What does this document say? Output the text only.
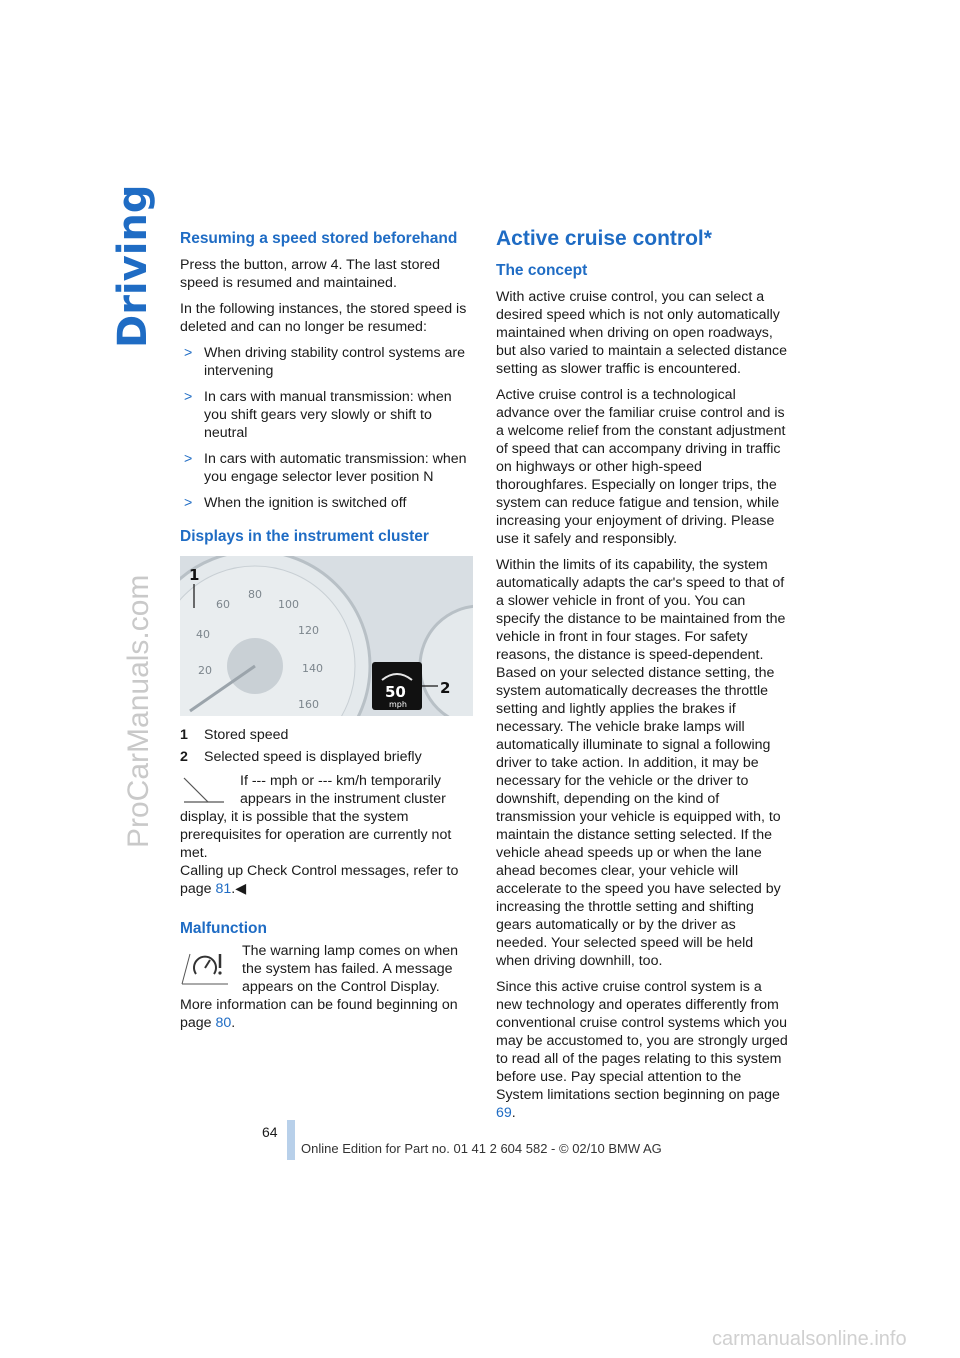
Driving
ProCarManuals.com
Resuming a speed stored beforehand

Press the button, arrow 4. The last stored speed is resumed and maintained.

In the following instances, the stored speed is deleted and can no longer be resumed:

> When driving stability control systems are intervening
> In cars with manual transmission: when you shift gears very slowly or shift to neutral
> In cars with automatic transmission: when you engage selector lever position N
> When the ignition is switched off
Displays in the instrument cluster
20
40
60
80
100
120
140
160
1
50
mph
2
1	Stored speed
2	Selected speed is displayed briefly
If --- mph or --- km/h temporarily appears in the instrument cluster display, it is possible that the system prerequisites for operation are currently not met.
Calling up Check Control messages, refer to page 81.◀
Malfunction
The warning lamp comes on when the system has failed. A message appears on the Control Display.
More information can be found beginning on page 80.
Active cruise control*
The concept

With active cruise control, you can select a desired speed which is not only automatically maintained when driving on open roadways, but also varied to maintain a selected distance setting as slower traffic is encountered.

Active cruise control is a technological advance over the familiar cruise control and is a welcome relief from the constant adjustment of speed that can accompany driving in traffic on highways or other high-speed thoroughfares. Especially on longer trips, the system can reduce fatigue and tension, while increasing your enjoyment of driving. Please use it safely and responsibly.

Within the limits of its capability, the system automatically adapts the car's speed to that of a slower vehicle in front of you. You can specify the distance to be maintained from the vehicle in front in four stages. For safety reasons, the distance is speed-dependent. Based on your selected distance setting, the system automatically decreases the throttle setting and lightly applies the brakes if necessary. The vehicle brake lamps will automatically illuminate to signal a following driver to take action. In addition, it may be necessary for the vehicle or the driver to downshift, depending on the kind of transmission your vehicle is equipped with, to maintain the distance setting selected. If the vehicle ahead speeds up or when the lane ahead becomes clear, your vehicle will accelerate to the speed you have selected by increasing the throttle setting and shifting gears automatically or by the driver as needed. Your selected speed will be held when driving downhill, too.

Since this active cruise control system is a new technology and operates differently from conventional cruise control systems which you may be accustomed to, you are strongly urged to read all of the pages relating to this system before use. Pay special attention to the System limitations section beginning on page 69.

64
Online Edition for Part no. 01 41 2 604 582 - © 02/10 BMW AG
carmanualsonline.info
